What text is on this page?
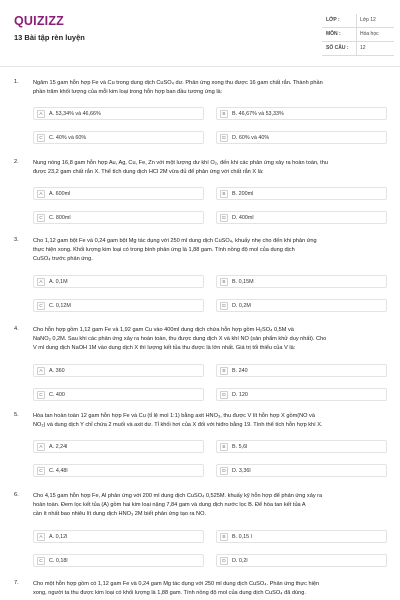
QUIZIZZ
13 Bài tập rèn luyện
LỚP :	Lớp 12
MÔN :	Hóa học
SỐ CÂU : 12
1.	Ngâm 15 gam hỗn hợp Fe và Cu trong dung dịch CuSO₄ dư. Phản ứng xong thu được 16 gam chất rắn. Thành phần
phần trăm khối lượng của mỗi kim loại trong hỗn hợp ban đầu tương ứng là:
A	A. 53,34% và 46,66%	B	B. 46,67% và 53,33%
C	C. 40% và 60%	D	D. 60% và 40%
2.	Nung nóng 16,8 gam hỗn hợp Au, Ag, Cu, Fe, Zn với một lượng dư khí O₂, đến khi các phản ứng xảy ra hoàn toàn, thu
được 23,2 gam chất rắn X. Thể tích dung dịch HCl 2M vừa đủ để phản ứng với chất rắn X là:
A	A. 600ml	B	B. 200ml
C	C. 800ml	D	D. 400ml
3.	Cho 1,12 gam bột Fe và 0,24 gam bột Mg tác dụng với 250 ml dung dịch CuSO₄, khuấy nhẹ cho đến khi phản ứng
thực hiện xong. Khối lượng kim loại có trong bình phản ứng là 1,88 gam. Tính nồng độ mol của dung dịch
CuSO₄ trước phản ứng.
A	A. 0,1M	B	B. 0,15M
C	C. 0,12M	D	D. 0,2M
4.	Cho hỗn hợp gồm 1,12 gam Fe và 1,92 gam Cu vào 400ml dung dịch chứa hỗn hợp gồm H₂SO₄ 0,5M và
NaNO₃ 0,2M. Sau khi các phản ứng xảy ra hoàn toàn, thu được dung dịch X và khí NO (sản phẩm khử duy nhất). Cho
V ml dung dịch NaOH 1M vào dung dịch X thì lượng kết tủa thu được là lớn nhất. Giá trị tối thiểu của V là:
A	A. 360	B	B. 240
C	C. 400	D	D. 120
5.	Hòa tan hoàn toàn 12 gam hỗn hợp Fe và Cu (tỉ lệ mol 1:1) bằng axit HNO₃, thu được V lít hỗn hợp X gồm(NO và
NO₂) và dung dịch Y chỉ chứa 2 muối và axit dư. Tỉ khối hơi của X đối với hiđro bằng 19. Tính thể tích hỗn hợp khí X.
A	A. 2,24l	B	B. 5,6l
C	C. 4,48l	D	D. 3,36l
6.	Cho 4,15 gam hỗn hợp Fe, Al phản ứng với 200 ml dung dịch CuSO₄ 0,525M. khuấy kỹ hỗn hợp để phản ứng xảy ra
hoàn toàn. Đem lọc kết tủa (A) gồm hai kim loại nặng 7,84 gam và dung dịch nước lọc B. Để hòa tan kết tủa A
cần ít nhất bao nhiêu lít dung dịch HNO₃ 2M biết phản ứng tạo ra NO.
A	A. 0,12l	B	B. 0,15 l
C	C. 0,18l	D	D. 0,2l
7.	Cho một hỗn hợp gồm có 1,12 gam Fe và 0,24 gam Mg tác dụng với 250 ml dung dịch CuSO₄. Phản ứng thực hiện
xong, người ta thu được kim loại có khối lượng là 1,88 gam. Tính nồng độ mol của dung dịch CuSO₄ đã dùng.
